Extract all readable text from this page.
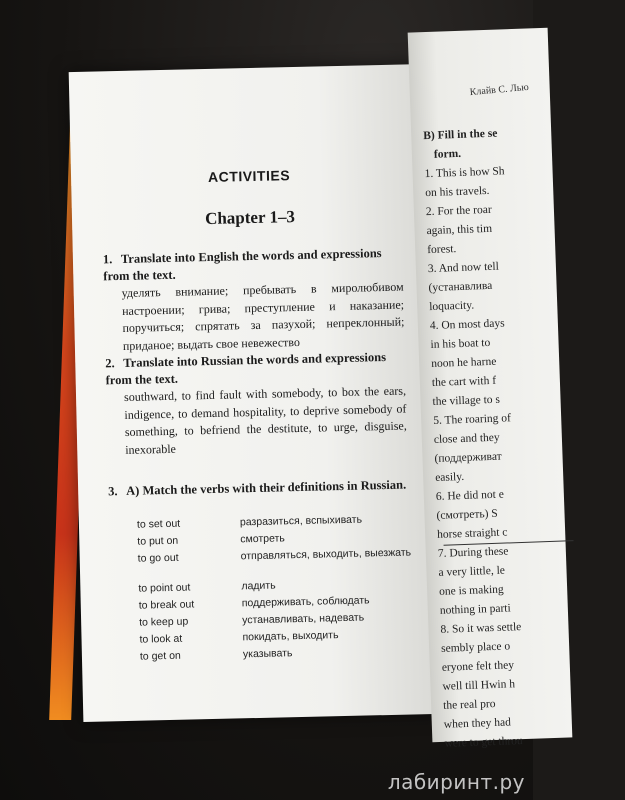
ACTIVITIES
Chapter 1–3
1. Translate into English the words and expressions from the text.
уделять внимание; пребывать в миролюбивом настроении; грива; преступление и наказание; поручиться; спрятать за пазухой; непреклонный; приданое; выдать свое невежество
2. Translate into Russian the words and expressions from the text.
southward, to find fault with somebody, to box the ears, indigence, to demand hospitality, to deprive somebody of something, to befriend the destitute, to urge, disguise, inexorable
3. A) Match the verbs with their definitions in Russian.
to set out	разразиться, вспыхивать
to put on	смотреть
to go out	отправляться, выходить, выезжать
to point out	ладить
to break out	поддерживать, соблюдать
to keep up	устанавливать, надевать
to look at	покидать, выходить
to get on	указывать
Клайв С. Лью
B) Fill in the se
form.
1. This is how Sh
on his travels.
2. For the roar
again, this tim
forest.
3. And now tell
(устанавлива
loquacity.
4. On most days
in his boat to
noon he harne
the cart with f
the village to s
5. The roaring of
close and they
(поддерживат
easily.
6. He did not e
(смотреть) S
horse straight c
7. During these
a very little, le
one is making
nothing in parti
8. So it was settle
sembly place o
eryone felt they
well till Hwin h
the real pro
when they had
were to get throu
лабиринт.ру
